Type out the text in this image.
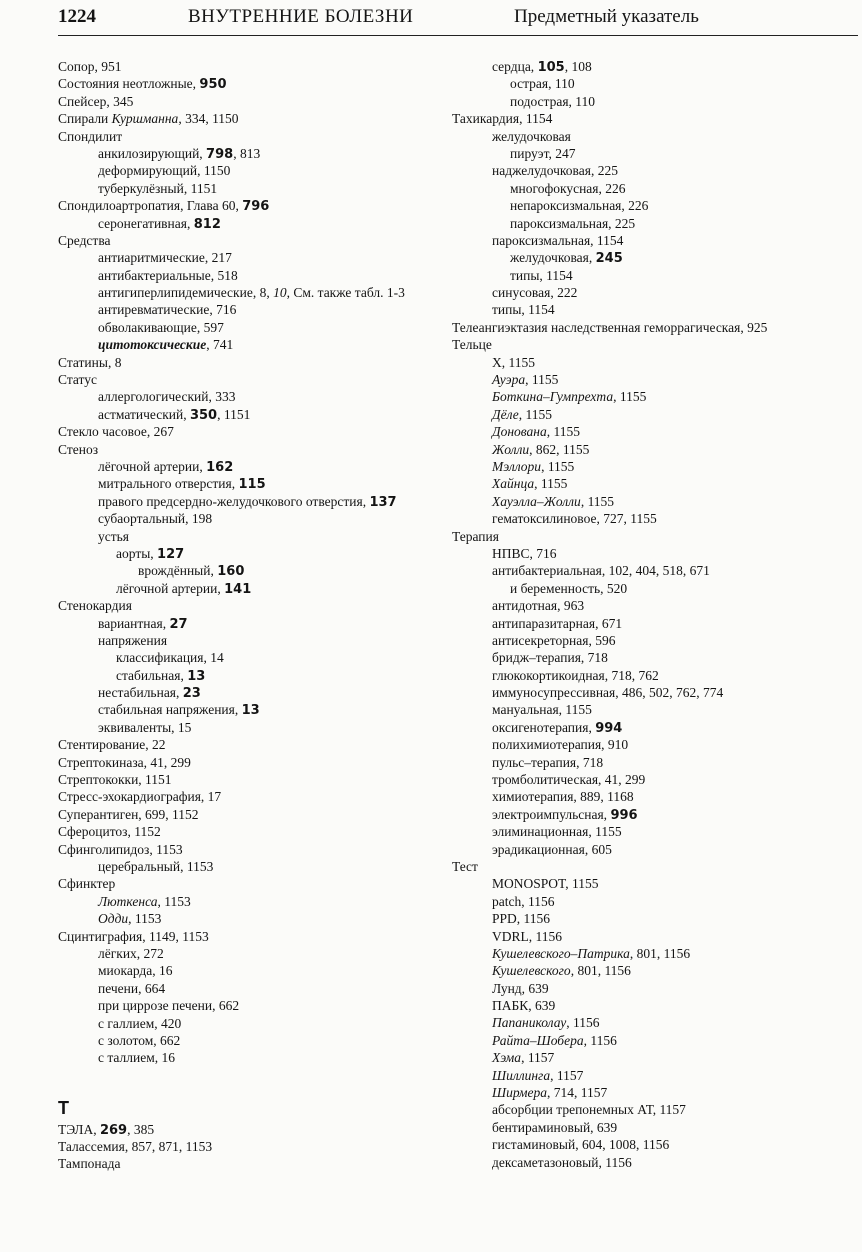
1224	ВНУТРЕННИЕ БОЛЕЗНИ	Предметный указатель
Сопор, 951
Состояния неотложные, 950
Спейсер, 345
Спирали Куршманна, 334, 1150
Спондилит
анкилозирующий, 798, 813
деформирующий, 1150
туберкулёзный, 1151
Спондилоартропатия, Глава 60, 796
серонегативная, 812
Средства
антиаритмические, 217
антибактериальные, 518
антигиперлипидемические, 8, 10, См. также табл. 1-3
антиревматические, 716
обволакивающие, 597
цитотоксические, 741
Статины, 8
Статус
аллергологический, 333
астматический, 350, 1151
Стекло часовое, 267
Стеноз
лёгочной артерии, 162
митрального отверстия, 115
правого предсердно-желудочкового отверстия, 137
субаортальный, 198
устья
аорты, 127
врождённый, 160
лёгочной артерии, 141
Стенокардия
вариантная, 27
напряжения
классификация, 14
стабильная, 13
нестабильная, 23
стабильная напряжения, 13
эквиваленты, 15
Стентирование, 22
Стрептокиназа, 41, 299
Стрептококки, 1151
Стресс-эхокардиография, 17
Суперантиген, 699, 1152
Сфероцитоз, 1152
Сфинголипидоз, 1153
церебральный, 1153
Сфинктер
Люткенса, 1153
Одди, 1153
Сцинтиграфия, 1149, 1153
лёгких, 272
миокарда, 16
печени, 664
при циррозе печени, 662
с галлием, 420
с золотом, 662
с таллием, 16
Т
ТЭЛА, 269, 385
Талассемия, 857, 871, 1153
Тампонада
сердца, 105, 108
острая, 110
подострая, 110
Тахикардия, 1154
желудочковая
пируэт, 247
наджелудочковая, 225
многофокусная, 226
непароксизмальная, 226
пароксизмальная, 225
пароксизмальная, 1154
желудочковая, 245
типы, 1154
синусовая, 222
типы, 1154
Телеангиэктазия наследственная геморрагическая, 925
Тельце
X, 1155
Ауэра, 1155
Боткина–Гумпрехта, 1155
Дёле, 1155
Донована, 1155
Жолли, 862, 1155
Мэллори, 1155
Хайнца, 1155
Хауэлла–Жолли, 1155
гематоксилиновое, 727, 1155
Терапия
НПВС, 716
антибактериальная, 102, 404, 518, 671
и беременность, 520
антидотная, 963
антипаразитарная, 671
антисекреторная, 596
бридж–терапия, 718
глюкокортикоидная, 718, 762
иммуносупрессивная, 486, 502, 762, 774
мануальная, 1155
оксигенотерапия, 994
полихимиотерапия, 910
пульс–терапия, 718
тромболитическая, 41, 299
химиотерапия, 889, 1168
электроимпульсная, 996
элиминационная, 1155
эрадикационная, 605
Тест
MONOSPOT, 1155
patch, 1156
PPD, 1156
VDRL, 1156
Кушелевского–Патрика, 801, 1156
Кушелевского, 801, 1156
Лунд, 639
ПАБК, 639
Папаниколау, 1156
Райта–Шобера, 1156
Хэма, 1157
Шиллинга, 1157
Ширмера, 714, 1157
абсорбции трепонемных АТ, 1157
бентираминовый, 639
гистаминовый, 604, 1008, 1156
дексаметазоновый, 1156
